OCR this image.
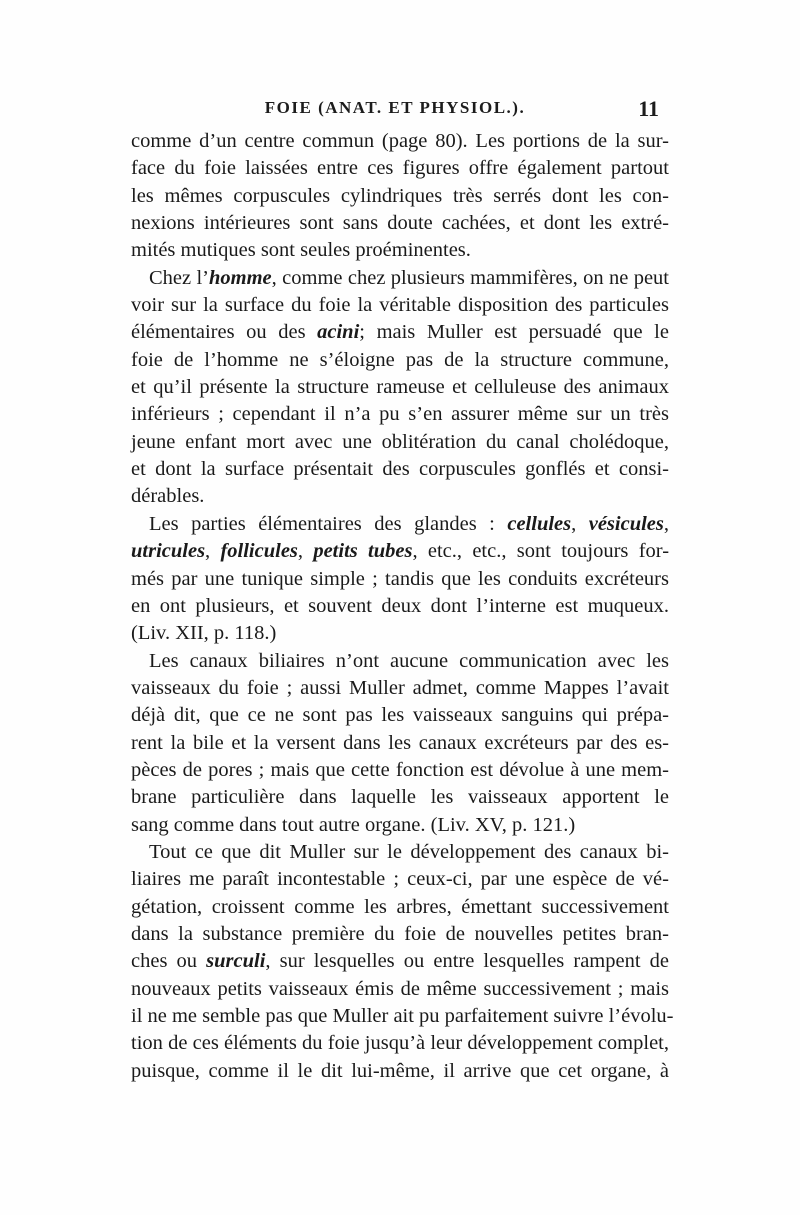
FOIE (ANAT. ET PHYSIOL.).	11
comme d’un centre commun (page 80). Les portions de la sur-
face du foie laissées entre ces figures offre également partout
les mêmes corpuscules cylindriques très serrés dont les con-
nexions intérieures sont sans doute cachées, et dont les extré-
mités mutiques sont seules proéminentes.
Chez l’homme, comme chez plusieurs mammifères, on ne peut
voir sur la surface du foie la véritable disposition des particules
élémentaires ou des acini; mais Muller est persuadé que le
foie de l’homme ne s’éloigne pas de la structure commune,
et qu’il présente la structure rameuse et celluleuse des animaux
inférieurs ; cependant il n’a pu s’en assurer même sur un très
jeune enfant mort avec une oblitération du canal cholédoque,
et dont la surface présentait des corpuscules gonflés et consi-
dérables.
Les parties élémentaires des glandes : cellules, vésicules,
utricules, follicules, petits tubes, etc., etc., sont toujours for-
més par une tunique simple ; tandis que les conduits excréteurs
en ont plusieurs, et souvent deux dont l’interne est muqueux.
(Liv. XII, p. 118.)
Les canaux biliaires n’ont aucune communication avec les
vaisseaux du foie ; aussi Muller admet, comme Mappes l’avait
déjà dit, que ce ne sont pas les vaisseaux sanguins qui prépa-
rent la bile et la versent dans les canaux excréteurs par des es-
pèces de pores ; mais que cette fonction est dévolue à une mem-
brane particulière dans laquelle les vaisseaux apportent le
sang comme dans tout autre organe. (Liv. XV, p. 121.)
Tout ce que dit Muller sur le développement des canaux bi-
liaires me paraît incontestable ; ceux-ci, par une espèce de vé-
gétation, croissent comme les arbres, émettant successivement
dans la substance première du foie de nouvelles petites bran-
ches ou surculi, sur lesquelles ou entre lesquelles rampent de
nouveaux petits vaisseaux émis de même successivement ; mais
il ne me semble pas que Muller ait pu parfaitement suivre l’évolu-
tion de ces éléments du foie jusqu’à leur développement complet,
puisque, comme il le dit lui-même, il arrive que cet organe, à
